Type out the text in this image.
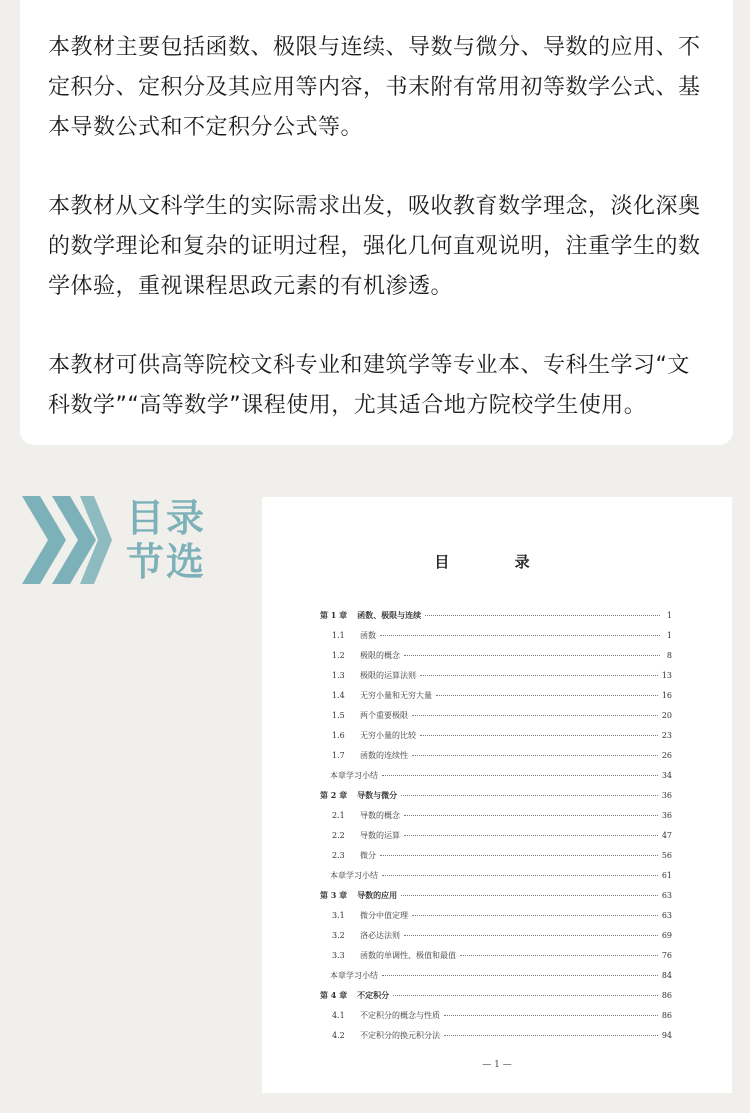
本教材主要包括函数、极限与连续、导数与微分、导数的应用、不定积分、定积分及其应用等内容，书末附有常用初等数学公式、基本导数公式和不定积分公式等。

本教材从文科学生的实际需求出发，吸收教育数学理念，淡化深奥的数学理论和复杂的证明过程，强化几何直观说明，注重学生的数学体验，重视课程思政元素的有机渗透。

本教材可供高等院校文科专业和建筑学等专业本、专科生学习“文科数学”“高等数学”课程使用，尤其适合地方院校学生使用。

目录
节选	目 录
第 1 章 函数、极限与连续	1
1.1	函数	1
1.2	极限的概念	8
1.3	极限的运算法则	13
1.4	无穷小量和无穷大量	16
1.5	两个重要极限	20
1.6	无穷小量的比较	23
1.7	函数的连续性	26
本章学习小结	34
第 2 章 导数与微分	36
2.1	导数的概念	36
2.2	导数的运算	47
2.3	微分	56
本章学习小结	61
第 3 章 导数的应用	63
3.1	微分中值定理	63
3.2	洛必达法则	69
3.3	函数的单调性、极值和最值	76
本章学习小结	84
第 4 章 不定积分	86
4.1	不定积分的概念与性质	86
4.2	不定积分的换元积分法	94
— 1 —
